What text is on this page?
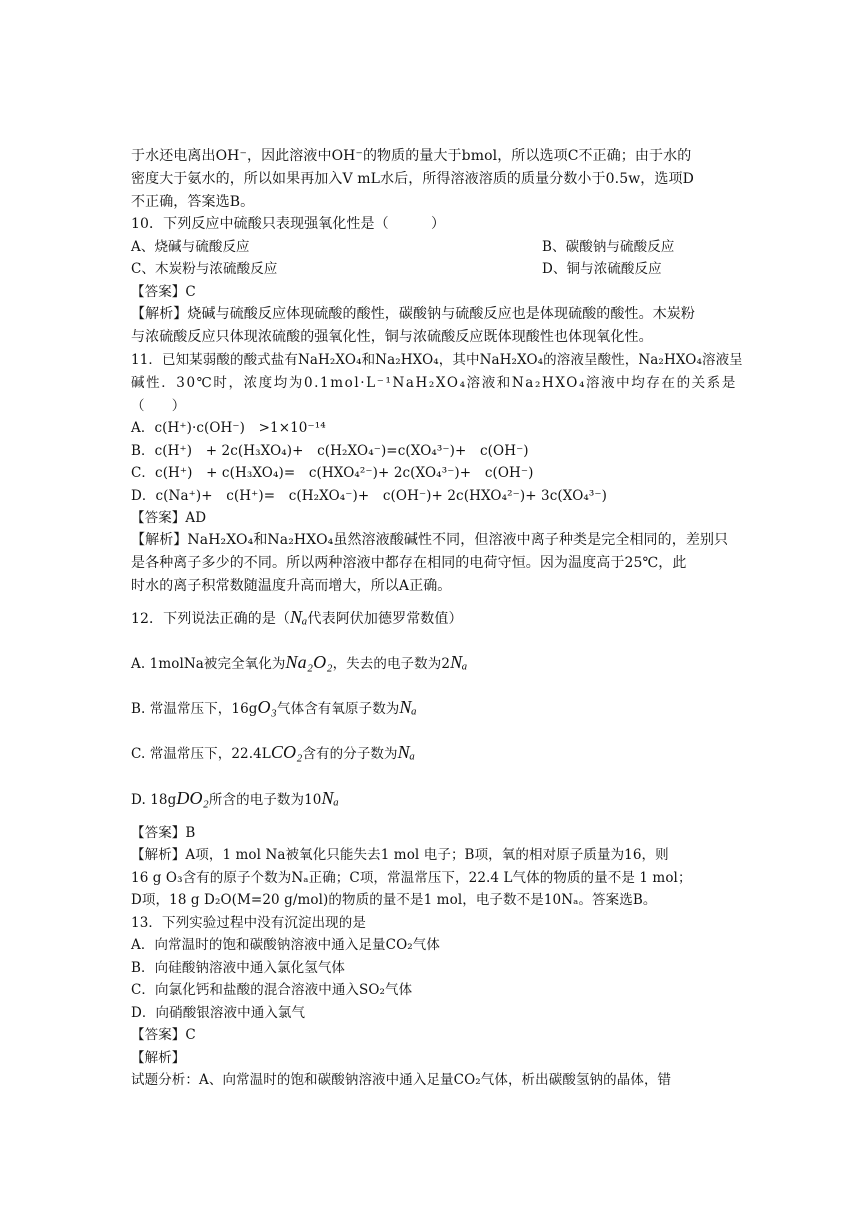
于水还电离出OH⁻，因此溶液中OH⁻的物质的量大于bmol，所以选项C不正确；由于水的
密度大于氨水的，所以如果再加入V mL水后，所得溶液溶质的质量分数小于0.5w，选项D
不正确，答案选B。
10．下列反应中硫酸只表现强氧化性是（　　　）
A、烧碱与硫酸反应	B、碳酸钠与硫酸反应
C、木炭粉与浓硫酸反应	D、铜与浓硫酸反应
【答案】C
【解析】烧碱与硫酸反应体现硫酸的酸性，碳酸钠与硫酸反应也是体现硫酸的酸性。木炭粉
与浓硫酸反应只体现浓硫酸的强氧化性，铜与浓硫酸反应既体现酸性也体现氧化性。
11．已知某弱酸的酸式盐有NaH₂XO₄和Na₂HXO₄，其中NaH₂XO₄的溶液呈酸性，Na₂HXO₄溶液呈
碱性．30℃时，浓度均为0.1mol·L⁻¹NaH₂XO₄溶液和Na₂HXO₄溶液中均存在的关系是
（　　）
A．c(H⁺)·c(OH⁻)　>1×10⁻¹⁴
B．c(H⁺)　+ 2c(H₃XO₄)+　c(H₂XO₄⁻)=c(XO₄³⁻)+　c(OH⁻)
C．c(H⁺)　+ c(H₃XO₄)=　c(HXO₄²⁻)+ 2c(XO₄³⁻)+　c(OH⁻)
D．c(Na⁺)+　c(H⁺)=　c(H₂XO₄⁻)+　c(OH⁻)+ 2c(HXO₄²⁻)+ 3c(XO₄³⁻)
【答案】AD
【解析】NaH₂XO₄和Na₂HXO₄虽然溶液酸碱性不同，但溶液中离子种类是完全相同的，差别只
是各种离子多少的不同。所以两种溶液中都存在相同的电荷守恒。因为温度高于25℃，此
时水的离子积常数随温度升高而增大，所以A正确。
12．下列说法正确的是（Nₐ代表阿伏加德罗常数值）
A. 1molNa被完全氧化为Na₂O₂，失去的电子数为2Nₐ
B. 常温常压下，16gO₃气体含有氧原子数为Nₐ
C. 常温常压下，22.4LCO₂含有的分子数为Nₐ
D. 18gDO₂所含的电子数为10Nₐ
【答案】B
【解析】A项，1 mol Na被氧化只能失去1 mol 电子；B项，氧的相对原子质量为16，则
16 g O₃含有的原子个数为Nₐ正确；C项，常温常压下，22.4 L气体的物质的量不是 1 mol；
D项，18 g D₂O(M=20 g/mol)的物质的量不是1 mol，电子数不是10Nₐ。答案选B。
13．下列实验过程中没有沉淀出现的是
A．向常温时的饱和碳酸钠溶液中通入足量CO₂气体
B．向硅酸钠溶液中通入氯化氢气体
C．向氯化钙和盐酸的混合溶液中通入SO₂气体
D．向硝酸银溶液中通入氯气
【答案】C
【解析】
试题分析：A、向常温时的饱和碳酸钠溶液中通入足量CO₂气体，析出碳酸氢钠的晶体，错
